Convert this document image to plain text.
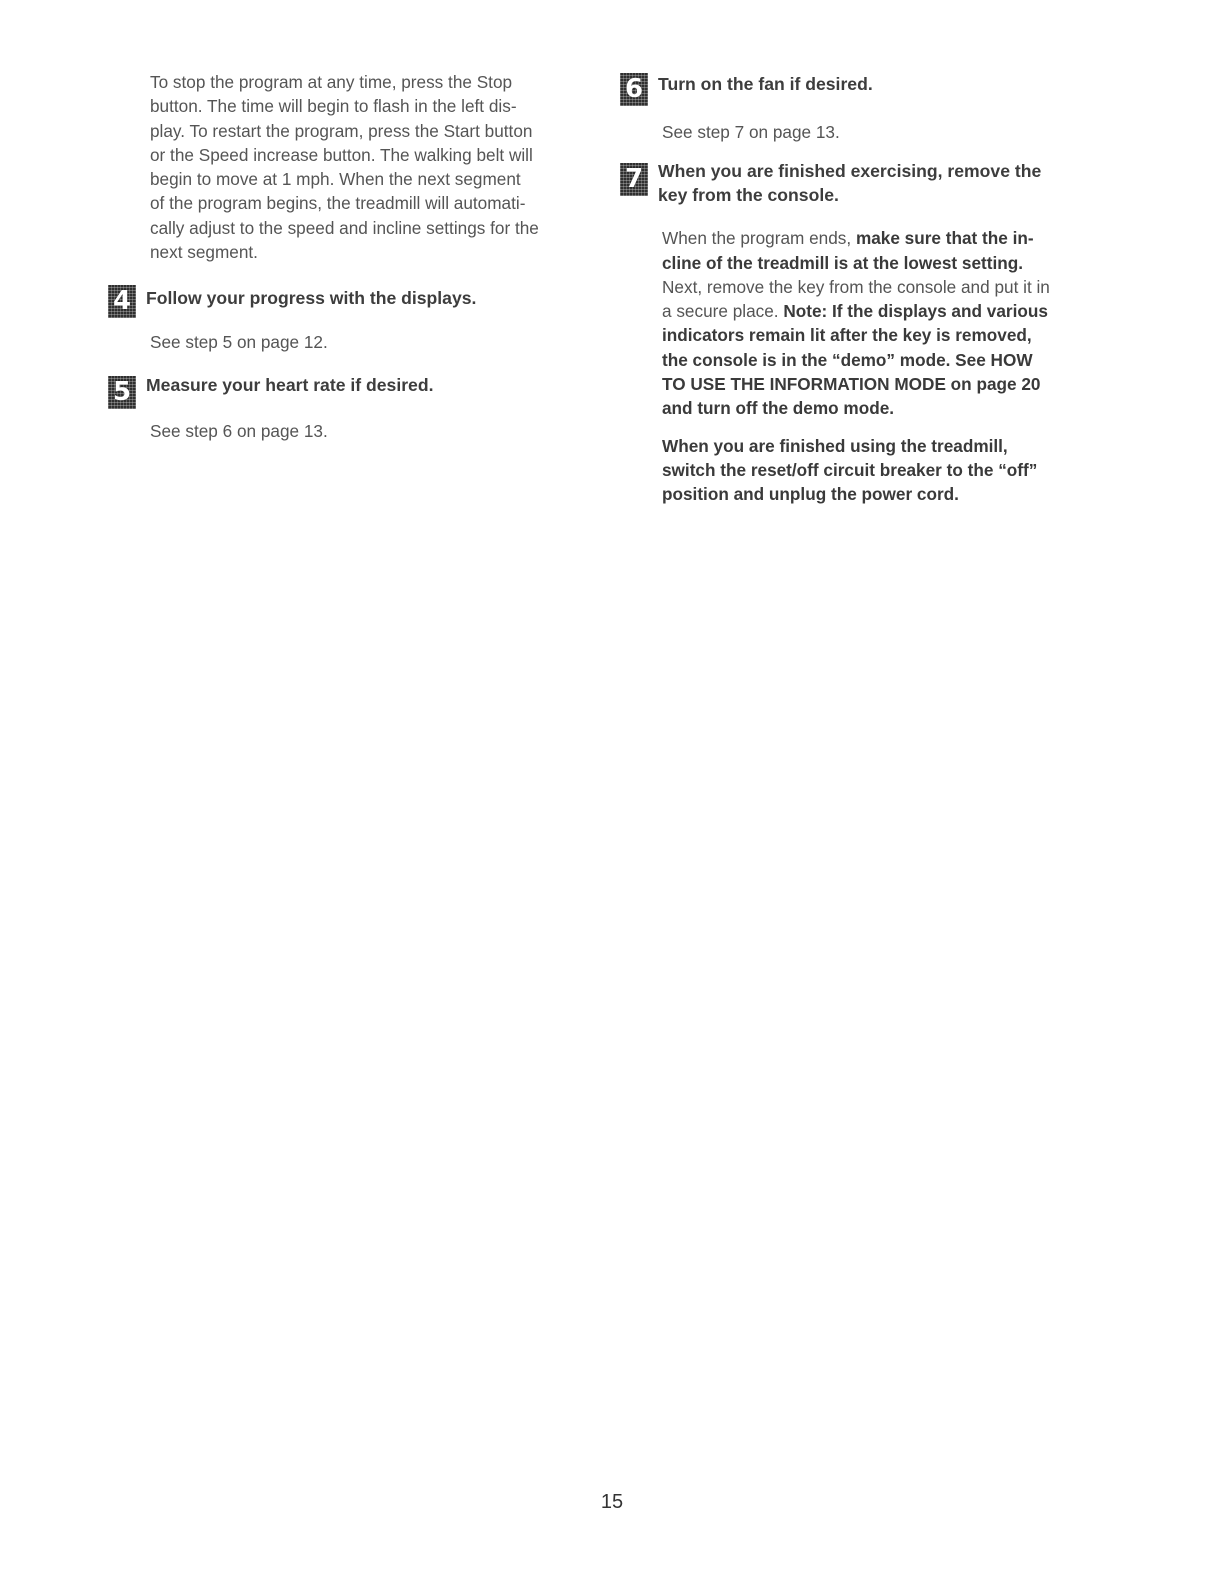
To stop the program at any time, press the Stop
button. The time will begin to flash in the left dis-
play. To restart the program, press the Start button
or the Speed increase button. The walking belt will
begin to move at 1 mph. When the next segment
of the program begins, the treadmill will automati-
cally adjust to the speed and incline settings for the
next segment.
4 Follow your progress with the displays.

See step 5 on page 12.

5 Measure your heart rate if desired.

See step 6 on page 13.

6 Turn on the fan if desired.

See step 7 on page 13.

7 When you are finished exercising, remove the
key from the console.
When the program ends, make sure that the in-
cline of the treadmill is at the lowest setting.
Next, remove the key from the console and put it in
a secure place. Note: If the displays and various
indicators remain lit after the key is removed,
the console is in the “demo” mode. See HOW
TO USE THE INFORMATION MODE on page 20
and turn off the demo mode.
When you are finished using the treadmill,
switch the reset/off circuit breaker to the “off”
position and unplug the power cord.
15
